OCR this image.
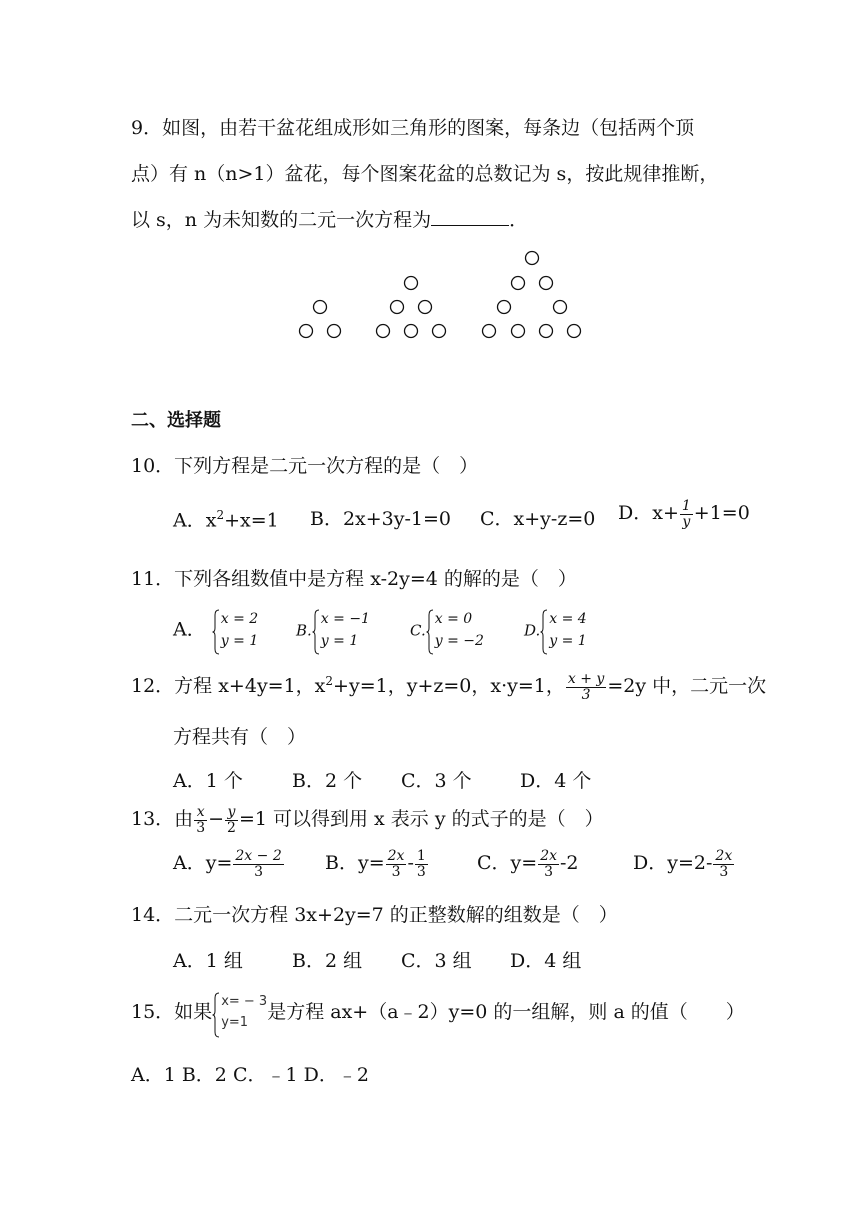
9．如图，由若干盆花组成形如三角形的图案，每条边（包括两个顶
点）有 n（n>1）盆花，每个图案花盆的总数记为 s，按此规律推断，
以 s，n 为未知数的二元一次方程为	．
二、选择题
10．下列方程是二元一次方程的是（　）
A．$x^2+x=1$ B．2x+3y-1=0 C．x+y-z=0 D．$x+ \frac{1}{y} +1=0$
11．下列各组数值中是方程 x-2y=4 的解的是（　）
A． x = 2
y = 1
B.
x = −1
y = 1
C.
x = 0
y = −2
D.
x = 4
y = 1
12．方程 x+4y=1，$x^2+y=1$，y+z=0，x·y=1， $\frac{x + y}{3} =2y$ 中，二元一次
方程共有（　）
A．1 个	B．2 个 C．3 个	D．4 个
13．由 $\frac{x}{3} - \frac{y}{2} =1$ 可以得到用 x 表示 y 的式子的是（　）
A．$y= \frac{2x - 2}{3}$ B．$y= \frac{2x}{3} - \frac{1}{3}$	C．$y= \frac{2x}{3} -2$	D．$y=2- \frac{2x}{3}$
14．二元一次方程 3x+2y=7 的正整数解的组数是（　）
A．1 组	B．2 组 C．3 组 D．4 组
15．如果 x= − 3
y=1	是方程 ax+（a﹣2）y=0 的一组解，则 a 的值（　　）
A．1 B．2 C．﹣1 D．﹣2
